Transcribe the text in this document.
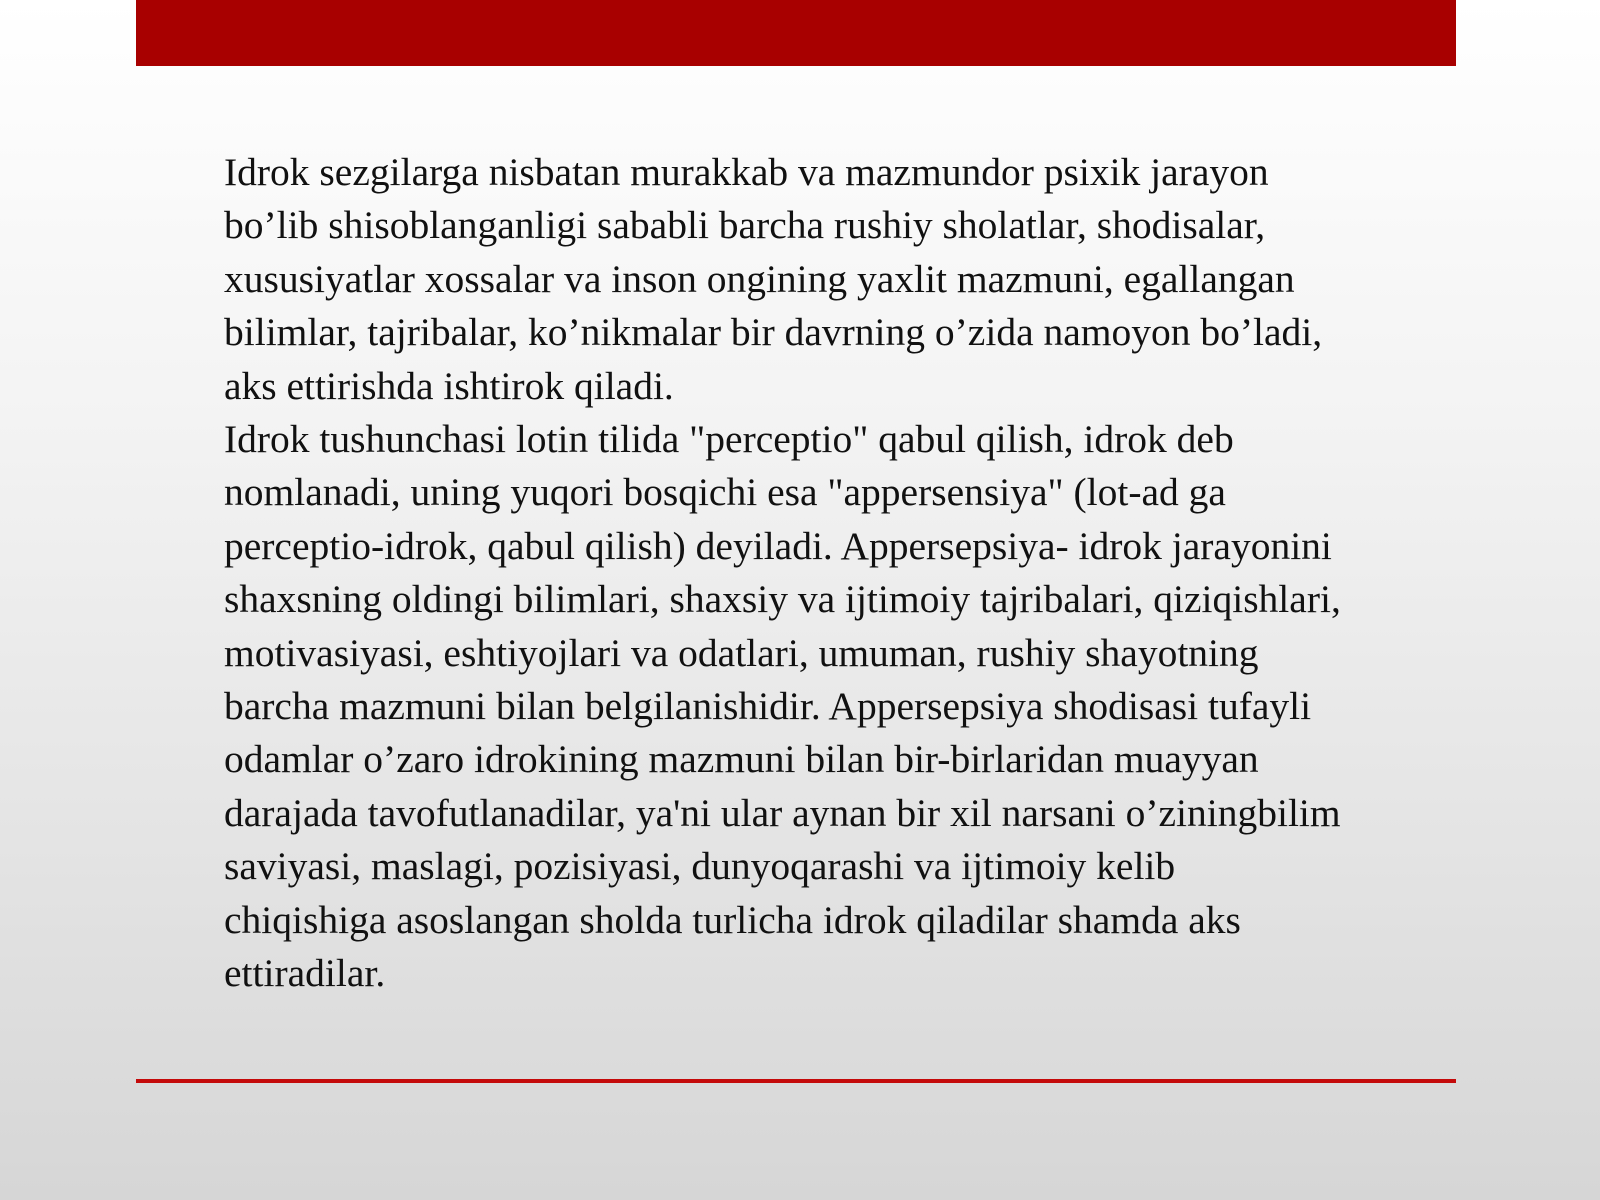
Idrok sezgilarga nisbatan murakkab va mazmundor psixik jarayon
bo’lib shisoblanganligi sababli barcha rushiy sholatlar, shodisalar,
xususiyatlar xossalar va inson ongining yaxlit mazmuni, egallangan
bilimlar, tajribalar, ko’nikmalar bir davrning o’zida namoyon bo’ladi,
aks ettirishda ishtirok qiladi.

Idrok tushunchasi lotin tilida "perceptio" qabul qilish, idrok deb
nomlanadi, uning yuqori bosqichi esa "appersensiya" (lot-ad ga
perceptio-idrok, qabul qilish) deyiladi. Appersepsiya- idrok jarayonini
shaxsning oldingi bilimlari, shaxsiy va ijtimoiy tajribalari, qiziqishlari,
motivasiyasi, eshtiyojlari va odatlari, umuman, rushiy shayotning
barcha mazmuni bilan belgilanishidir. Appersepsiya shodisasi tufayli
odamlar o’zaro idrokining mazmuni bilan bir-birlaridan muayyan
darajada tavofutlanadilar, ya'ni ular aynan bir xil narsani o’ziningbilim
saviyasi, maslagi, pozisiyasi, dunyoqarashi va ijtimoiy kelib
chiqishiga asoslangan sholda turlicha idrok qiladilar shamda aks
ettiradilar.
